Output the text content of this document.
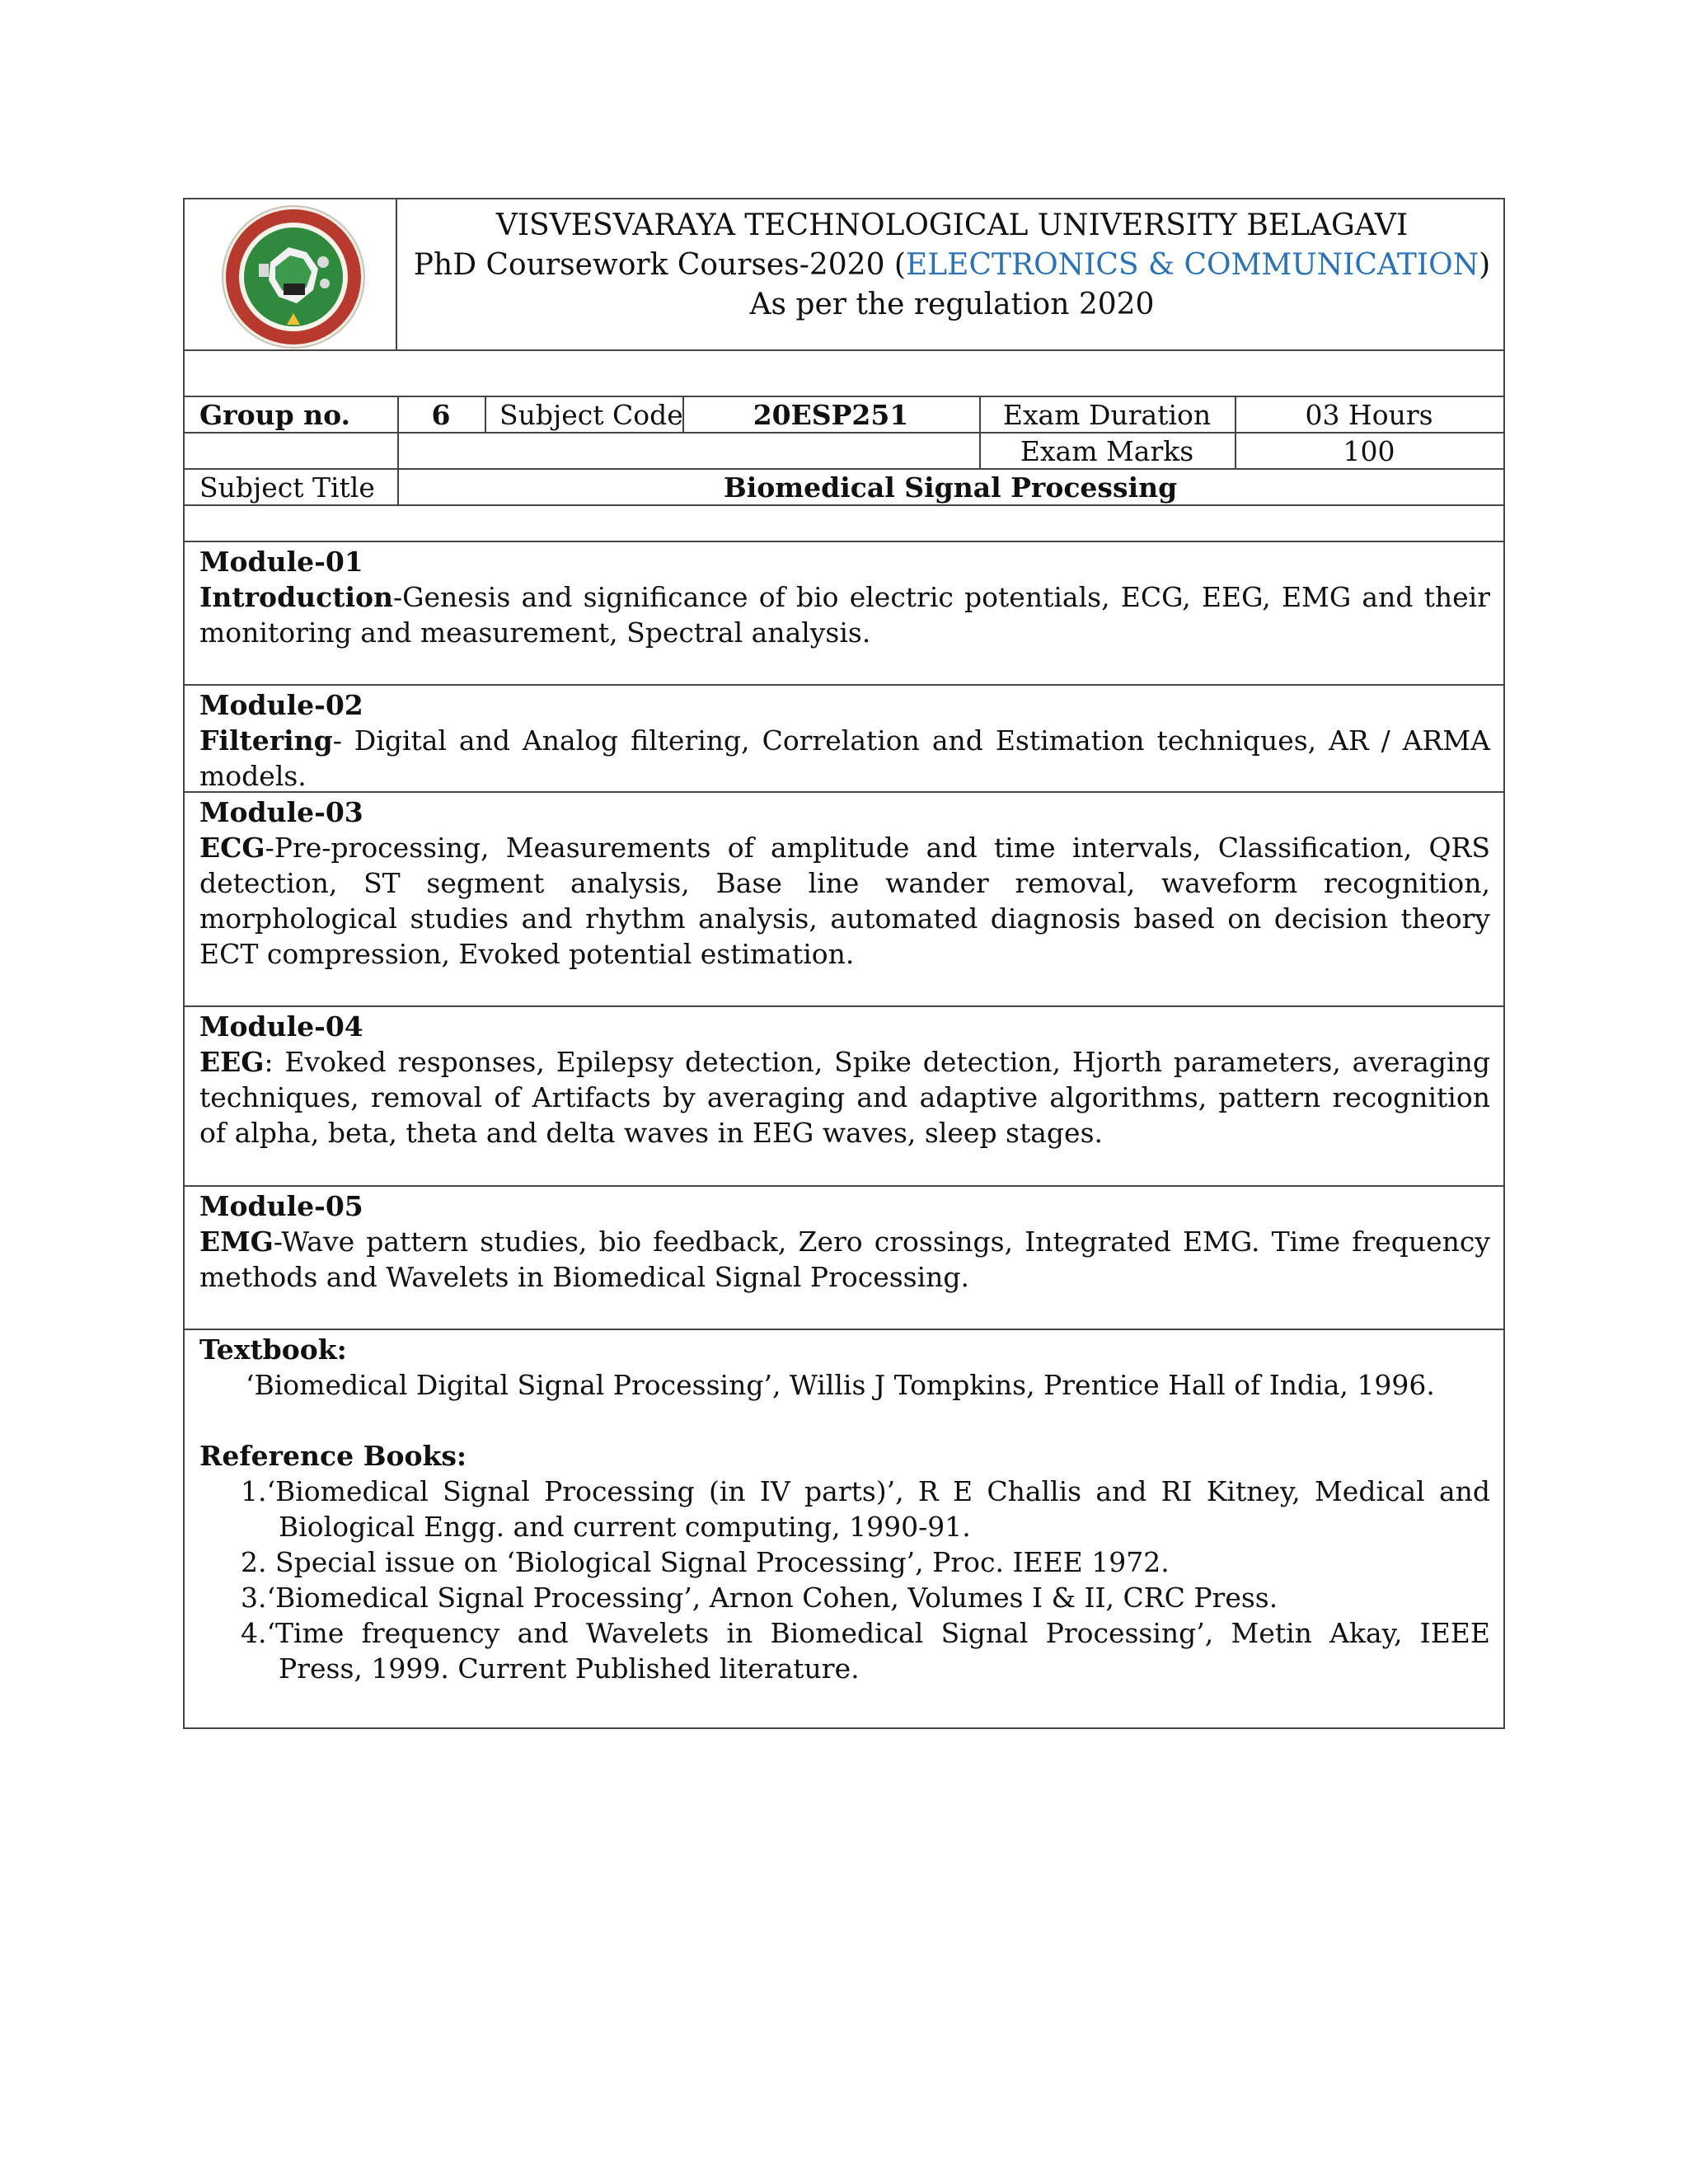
VISVESVARAYA TECHNOLOGICAL UNIVERSITY BELAGAVI
PhD Coursework Courses-2020 (ELECTRONICS & COMMUNICATION)
As per the regulation 2020
Group no.	6	Subject Code	20ESP251	Exam Duration	03 Hours
Exam Marks	100
Subject Title	Biomedical Signal Processing
Module-01
Introduction-Genesis and significance of bio electric potentials, ECG, EEG, EMG and their monitoring and measurement, Spectral analysis.
Module-02
Filtering- Digital and Analog filtering, Correlation and Estimation techniques, AR / ARMA models.
Module-03
ECG-Pre-processing, Measurements of amplitude and time intervals, Classification, QRS detection, ST segment analysis, Base line wander removal, waveform recognition, morphological studies and rhythm analysis, automated diagnosis based on decision theory ECT compression, Evoked potential estimation.
Module-04
EEG: Evoked responses, Epilepsy detection, Spike detection, Hjorth parameters, averaging techniques, removal of Artifacts by averaging and adaptive algorithms, pattern recognition of alpha, beta, theta and delta waves in EEG waves, sleep stages.
Module-05
EMG-Wave pattern studies, bio feedback, Zero crossings, Integrated EMG. Time frequency methods and Wavelets in Biomedical Signal Processing.
Textbook:
‘Biomedical Digital Signal Processing’, Willis J Tompkins, Prentice Hall of India, 1996.
Reference Books:
1.‘Biomedical Signal Processing (in IV parts)’, R E Challis and RI Kitney, Medical and Biological Engg. and current computing, 1990-91.
2. Special issue on ‘Biological Signal Processing’, Proc. IEEE 1972.
3.‘Biomedical Signal Processing’, Arnon Cohen, Volumes I & II, CRC Press.
4.‘Time frequency and Wavelets in Biomedical Signal Processing’, Metin Akay, IEEE Press, 1999. Current Published literature.
